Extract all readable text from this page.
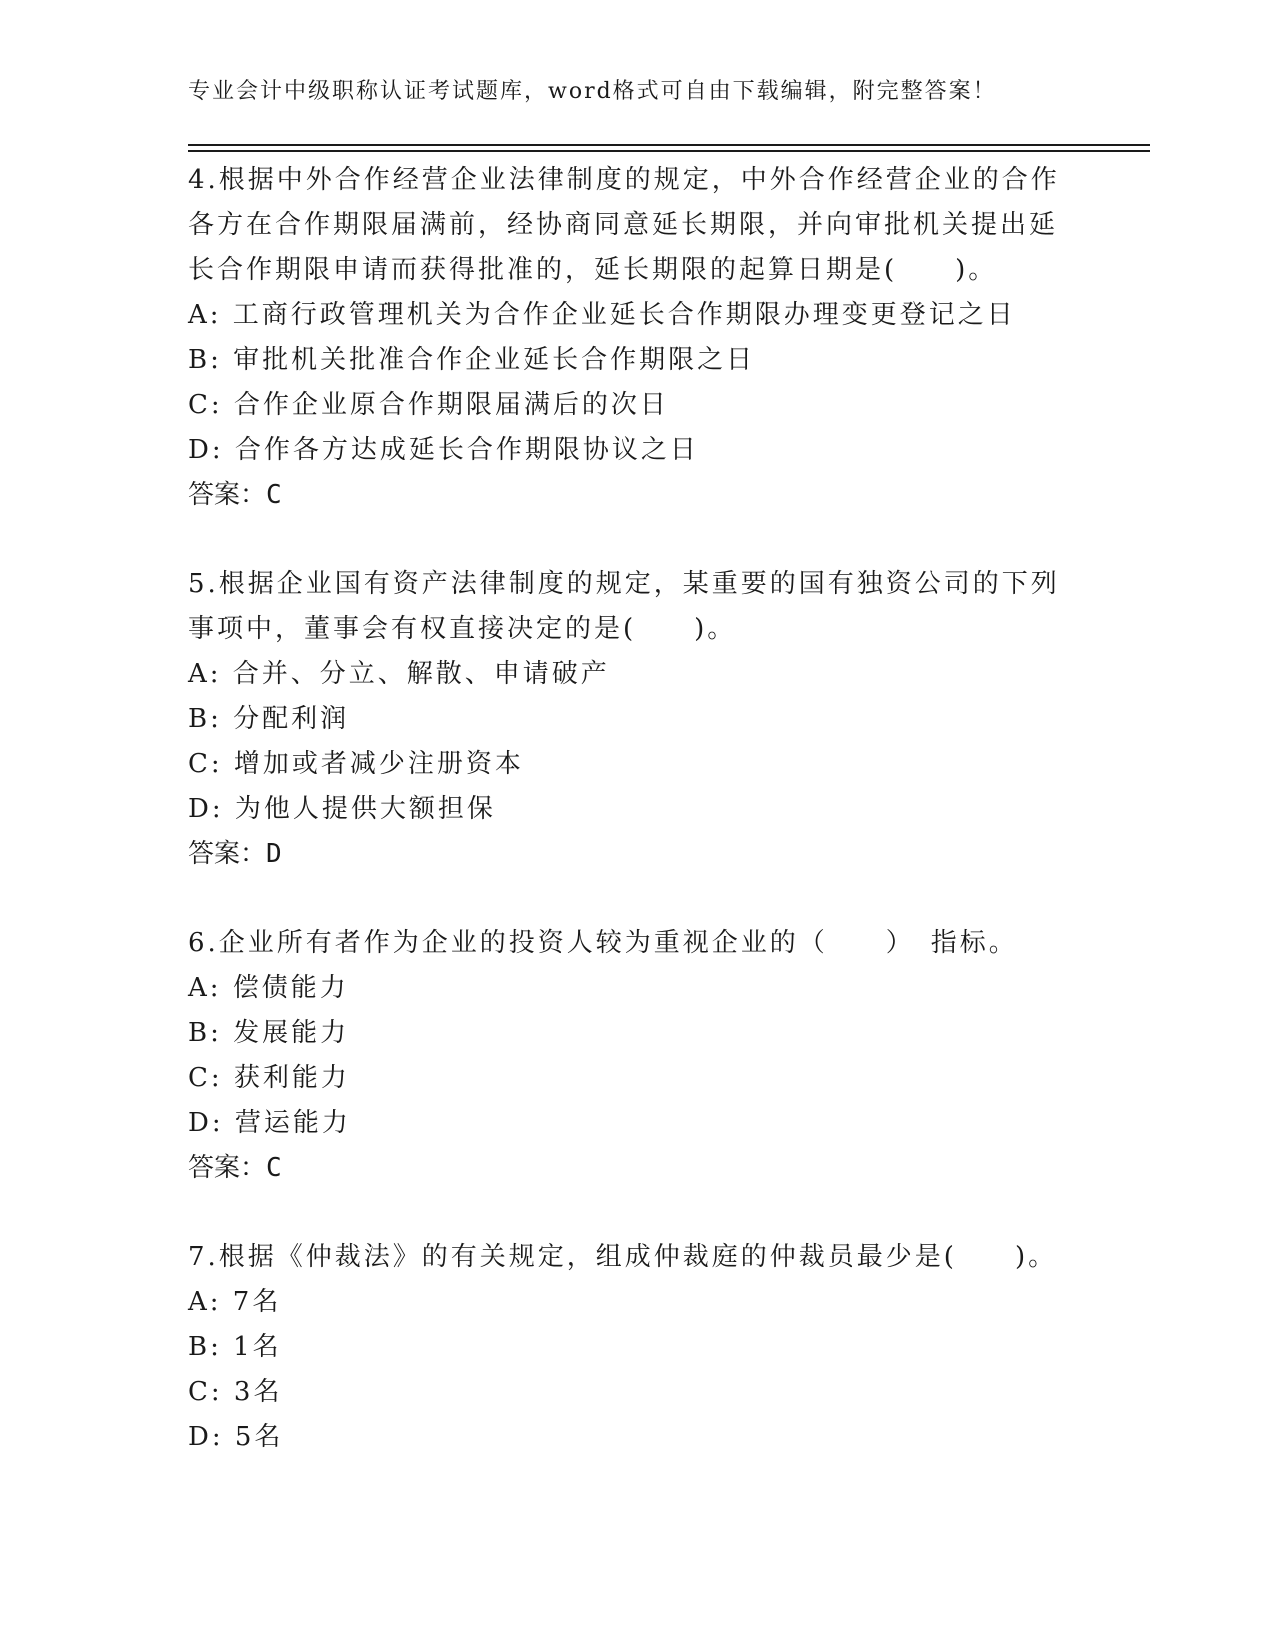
专业会计中级职称认证考试题库，word格式可自由下载编辑，附完整答案！
4.根据中外合作经营企业法律制度的规定，中外合作经营企业的合作各方在合作期限届满前，经协商同意延长期限，并向审批机关提出延长合作期限申请而获得批准的，延长期限的起算日期是(　　)。
A: 工商行政管理机关为合作企业延长合作期限办理变更登记之日
B: 审批机关批准合作企业延长合作期限之日
C: 合作企业原合作期限届满后的次日
D: 合作各方达成延长合作期限协议之日
答案：C
5.根据企业国有资产法律制度的规定，某重要的国有独资公司的下列事项中，董事会有权直接决定的是(　　)。
A: 合并、分立、解散、申请破产
B: 分配利润
C: 增加或者减少注册资本
D: 为他人提供大额担保
答案：D
6.企业所有者作为企业的投资人较为重视企业的（　　）　指标。
A: 偿债能力
B: 发展能力
C: 获利能力
D: 营运能力
答案：C
7.根据《仲裁法》的有关规定，组成仲裁庭的仲裁员最少是(　　)。
A: 7名
B: 1名
C: 3名
D: 5名
